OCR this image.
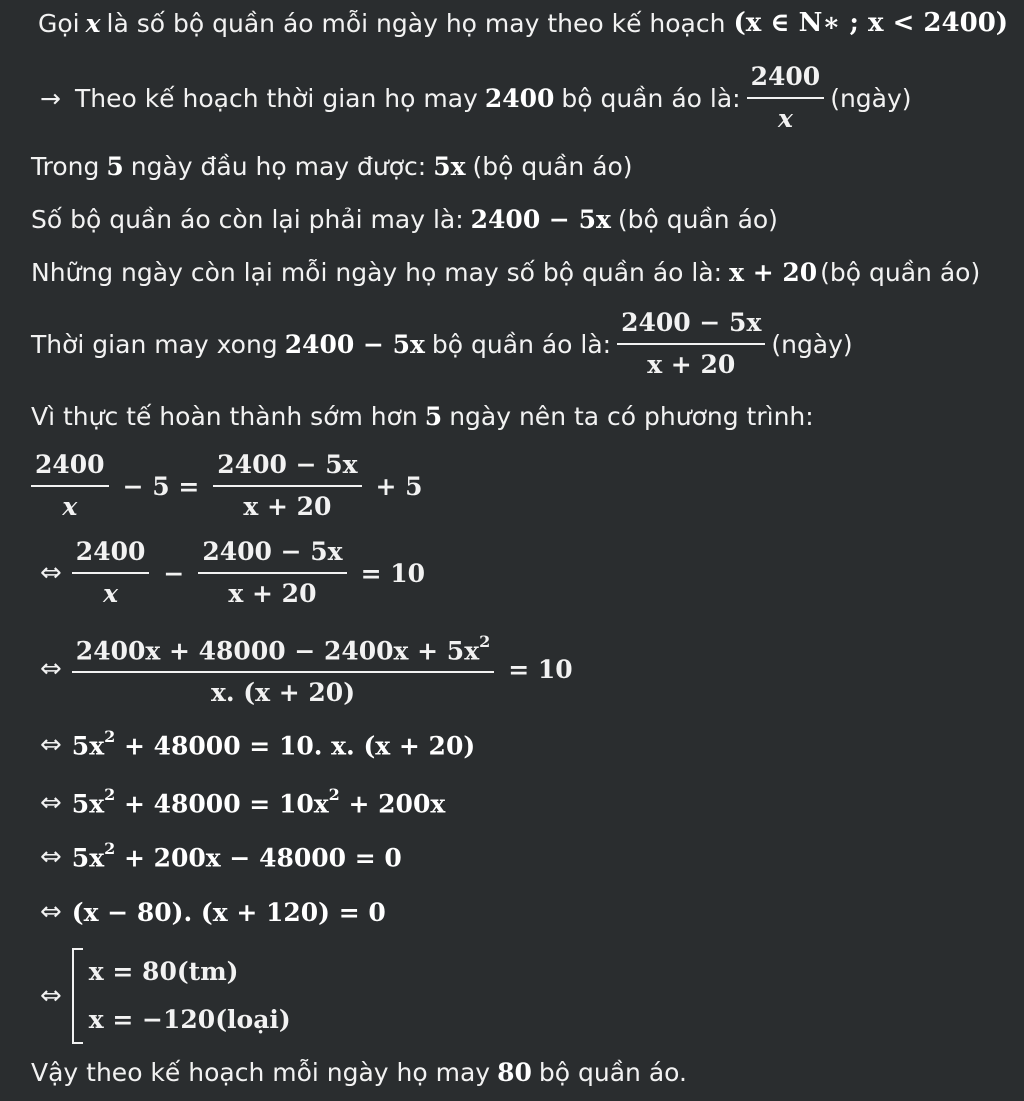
Gọi x là số bộ quần áo mỗi ngày họ may theo kế hoạch (x ∈ N∗ ; x < 2400)
→ Theo kế hoạch thời gian họ may 2400 bộ quần áo là: $\frac{2400}{x}$ (ngày)
Trong 5 ngày đầu họ may được: 5x (bộ quần áo)
Số bộ quần áo còn lại phải may là: 2400 − 5x (bộ quần áo)
Những ngày còn lại mỗi ngày họ may số bộ quần áo là: x + 20 (bộ quần áo)
Thời gian may xong 2400 − 5x bộ quần áo là: $\frac{2400 - 5x}{x + 20}$ (ngày)
Vì thực tế hoàn thành sớm hơn 5 ngày nên ta có phương trình:
$\frac{2400}{x} - 5 = \frac{2400 - 5x}{x + 20} + 5$
⇔ $\frac{2400}{x} - \frac{2400 - 5x}{x + 20} = 10$
⇔ $\frac{2400x + 48000 - 2400x + 5x^2}{x. (x + 20)} = 10$
⇔ $5x^2 + 48000 = 10$. x. (x + 20)
⇔ $5x^2 + 48000 = 10x^2 + 200x$
⇔ $5x^2 + 200x - 48000 = 0$
⇔ (x − 80). (x + 120) = 0
⇔
x = 80(tm)
x = −120(loại)
Vậy theo kế hoạch mỗi ngày họ may 80 bộ quần áo.
